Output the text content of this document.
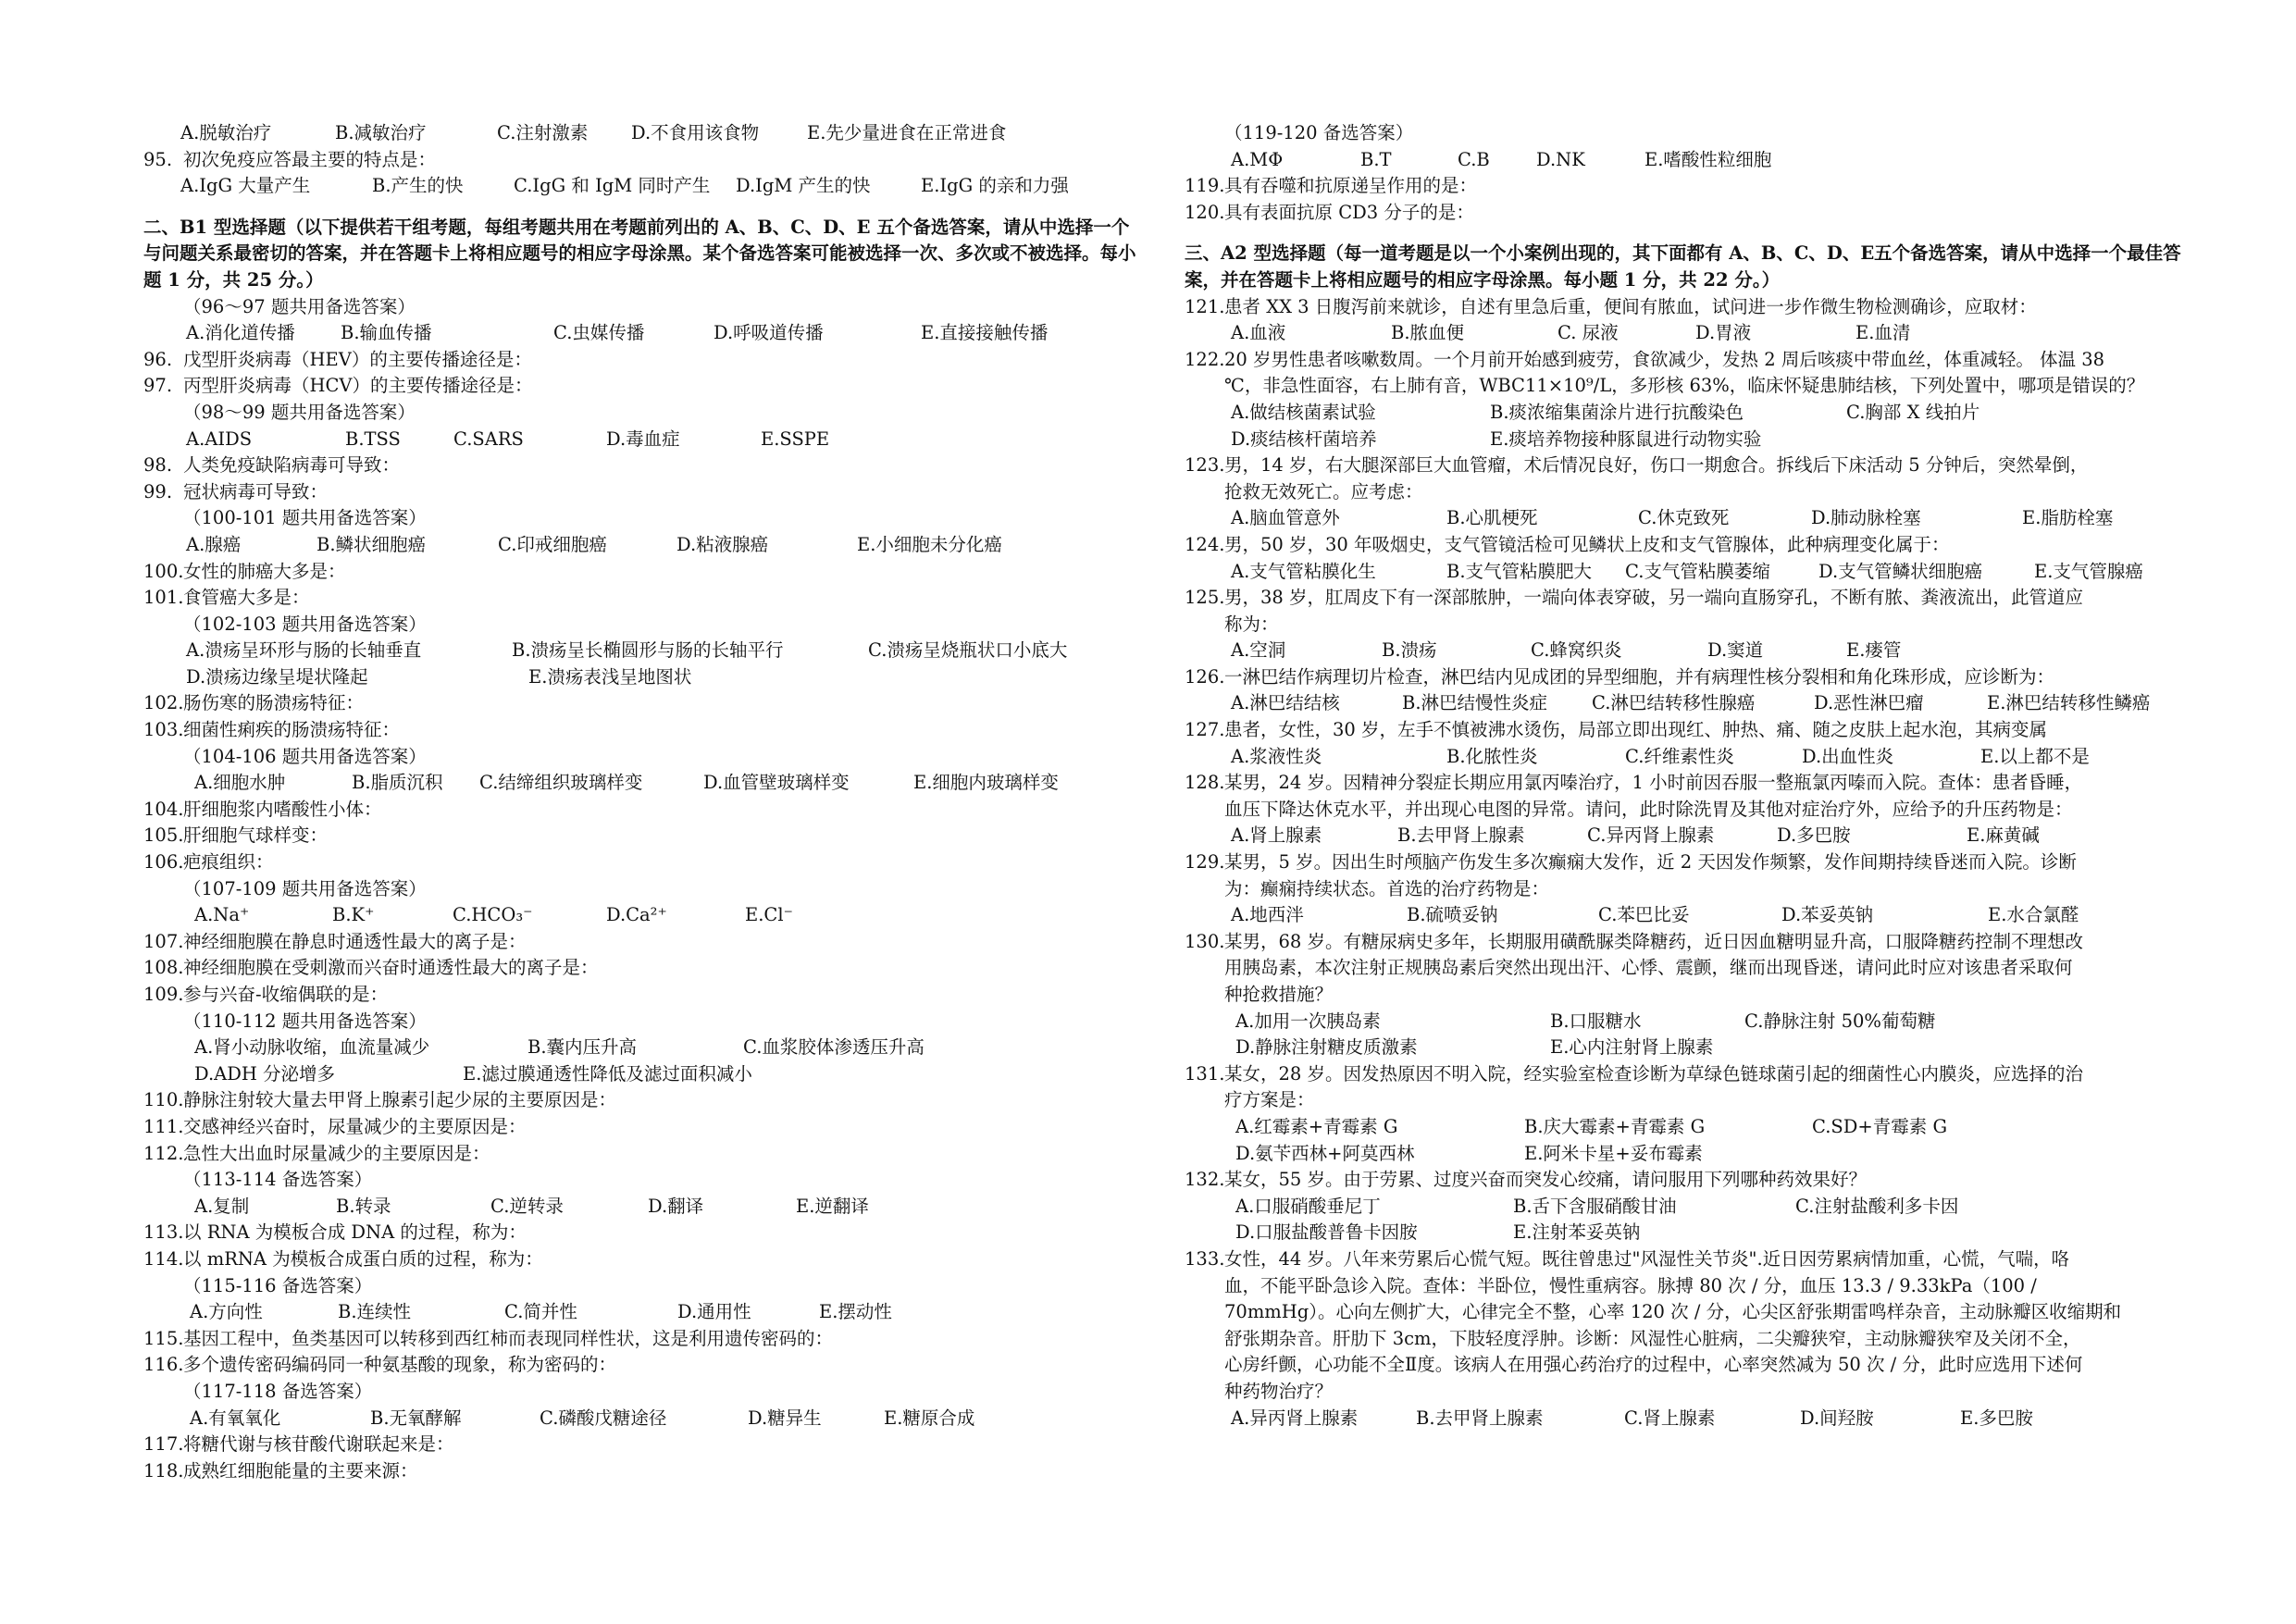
A.脱敏治疗	B.减敏治疗	C.注射激素 D.不食用该食物	E.先少量进食在正常进食
95. 初次免疫应答最主要的特点是：
A.IgG 大量产生	B.产生的快	C.IgG 和 IgM 同时产生 D.IgM 产生的快	E.IgG 的亲和力强
二、B1 型选择题（以下提供若干组考题，每组考题共用在考题前列出的 A、B、C、D、E 五个备选答案，请从中选择一个与问题关系最密切的答案，并在答题卡上将相应题号的相应字母涂黑。某个备选答案可能被选择一次、多次或不被选择。每小题 1 分，共 25 分。）
（96～97 题共用备选答案）
A.消化道传播	B.输血传播	C.虫媒传播	D.呼吸道传播	E.直接接触传播
96. 戊型肝炎病毒（HEV）的主要传播途径是：
97. 丙型肝炎病毒（HCV）的主要传播途径是：
（98～99 题共用备选答案）
A.AIDS	B.TSS	C.SARS	D.毒血症	E.SSPE
98. 人类免疫缺陷病毒可导致：
99. 冠状病毒可导致：
（100-101 题共用备选答案）
A.腺癌	B.鳞状细胞癌	C.印戒细胞癌	D.粘液腺癌	E.小细胞未分化癌
100. 女性的肺癌大多是：
101. 食管癌大多是：
（102-103 题共用备选答案）
A.溃疡呈环形与肠的长轴垂直	B.溃疡呈长椭圆形与肠的长轴平行	C.溃疡呈烧瓶状口小底大
D.溃疡边缘呈堤状隆起	E.溃疡表浅呈地图状
102. 肠伤寒的肠溃疡特征：
103. 细菌性痢疾的肠溃疡特征：
（104-106 题共用备选答案）
A.细胞水肿	B.脂质沉积 C.结缔组织玻璃样变	D.血管壁玻璃样变	E.细胞内玻璃样变
104. 肝细胞浆内嗜酸性小体：
105. 肝细胞气球样变：
106. 疤痕组织：
（107-109 题共用备选答案）
A.Na⁺	B.K⁺	C.HCO₃⁻	D.Ca²⁺	E.Cl⁻
107. 神经细胞膜在静息时通透性最大的离子是：
108. 神经细胞膜在受刺激而兴奋时通透性最大的离子是：
109. 参与兴奋-收缩偶联的是：
（110-112 题共用备选答案）
A.肾小动脉收缩，血流量减少	B.囊内压升高	C.血浆胶体渗透压升高
D.ADH 分泌增多	E.滤过膜通透性降低及滤过面积减小
110. 静脉注射较大量去甲肾上腺素引起少尿的主要原因是：
111. 交感神经兴奋时，尿量减少的主要原因是：
112. 急性大出血时尿量减少的主要原因是：
（113-114 备选答案）
A.复制	B.转录	C.逆转录	D.翻译	E.逆翻译
113. 以 RNA 为模板合成 DNA 的过程，称为：
114. 以 mRNA 为模板合成蛋白质的过程，称为：
（115-116 备选答案）
A.方向性	B.连续性	C.简并性	D.通用性	E.摆动性
115. 基因工程中，鱼类基因可以转移到西红柿而表现同样性状，这是利用遗传密码的：
116. 多个遗传密码编码同一种氨基酸的现象，称为密码的：
（117-118 备选答案）
A.有氧氧化	B.无氧酵解	C.磷酸戊糖途径	D.糖异生	E.糖原合成
117. 将糖代谢与核苷酸代谢联起来是：
118. 成熟红细胞能量的主要来源：
（119-120 备选答案）
A.MΦ	B.T	C.B	D.NK	E.嗜酸性粒细胞
119. 具有吞噬和抗原递呈作用的是：
120. 具有表面抗原 CD3 分子的是：
三、A2 型选择题（每一道考题是以一个小案例出现的，其下面都有 A、B、C、D、E五个备选答案，请从中选择一个最佳答案，并在答题卡上将相应题号的相应字母涂黑。每小题 1 分，共 22 分。）
121. 患者 XX 3 日腹泻前来就诊，自述有里急后重，便间有脓血，试问进一步作微生物检测确诊，应取材：
A.血液	B.脓血便	C. 尿液	D.胃液	E.血清
122. 20 岁男性患者咳嗽数周。一个月前开始感到疲劳，食欲减少，发热 2 周后咳痰中带血丝，体重减轻。 体温 38
℃，非急性面容，右上肺有音，WBC11×10⁹/L，多形核 63%，临床怀疑患肺结核，下列处置中，哪项是错误的？
A.做结核菌素试验	B.痰浓缩集菌涂片进行抗酸染色	C.胸部 X 线拍片
D.痰结核杆菌培养	E.痰培养物接种豚鼠进行动物实验
123. 男，14 岁，右大腿深部巨大血管瘤，术后情况良好，伤口一期愈合。拆线后下床活动 5 分钟后，突然晕倒，
抢救无效死亡。应考虑：
A.脑血管意外	B.心肌梗死	C.休克致死	D.肺动脉栓塞	E.脂肪栓塞
124. 男，50 岁，30 年吸烟史，支气管镜活检可见鳞状上皮和支气管腺体，此种病理变化属于：
A.支气管粘膜化生	B.支气管粘膜肥大 C.支气管粘膜萎缩	D.支气管鳞状细胞癌	E.支气管腺癌
125. 男，38 岁，肛周皮下有一深部脓肿，一端向体表穿破，另一端向直肠穿孔，不断有脓、粪液流出，此管道应
称为：
A.空洞	B.溃疡	C.蜂窝织炎	D.窦道	E.瘘管
126. 一淋巴结作病理切片检查，淋巴结内见成团的异型细胞，并有病理性核分裂相和角化珠形成，应诊断为：
A.淋巴结结核	B.淋巴结慢性炎症 C.淋巴结转移性腺癌	D.恶性淋巴瘤	E.淋巴结转移性鳞癌
127. 患者，女性，30 岁，左手不慎被沸水烫伤，局部立即出现红、肿热、痛、随之皮肤上起水泡，其病变属
A.浆液性炎	B.化脓性炎	C.纤维素性炎	D.出血性炎	E.以上都不是
128. 某男，24 岁。因精神分裂症长期应用氯丙嗪治疗，1 小时前因吞服一整瓶氯丙嗪而入院。查体：患者昏睡，
血压下降达休克水平，并出现心电图的异常。请问，此时除洗胃及其他对症治疗外，应给予的升压药物是：
A.肾上腺素	B.去甲肾上腺素	C.异丙肾上腺素	D.多巴胺	E.麻黄碱
129. 某男，5 岁。因出生时颅脑产伤发生多次癫痫大发作，近 2 天因发作频繁，发作间期持续昏迷而入院。诊断
为：癫痫持续状态。首选的治疗药物是：
A.地西泮	B.硫喷妥钠	C.苯巴比妥	D.苯妥英钠	E.水合氯醛
130. 某男，68 岁。有糖尿病史多年，长期服用磺酰脲类降糖药，近日因血糖明显升高，口服降糖药控制不理想改
用胰岛素，本次注射正规胰岛素后突然出现出汗、心悸、震颤，继而出现昏迷，请问此时应对该患者采取何
种抢救措施？
A.加用一次胰岛素	B.口服糖水	C.静脉注射 50%葡萄糖
D.静脉注射糖皮质激素	E.心内注射肾上腺素
131. 某女，28 岁。因发热原因不明入院，经实验室检查诊断为草绿色链球菌引起的细菌性心内膜炎，应选择的治
疗方案是：
A.红霉素+青霉素 G	B.庆大霉素+青霉素 G	C.SD+青霉素 G
D.氨苄西林+阿莫西林	E.阿米卡星+妥布霉素
132. 某女，55 岁。由于劳累、过度兴奋而突发心绞痛，请问服用下列哪种药效果好？
A.口服硝酸垂尼丁	B.舌下含服硝酸甘油	C.注射盐酸利多卡因
D.口服盐酸普鲁卡因胺	E.注射苯妥英钠
133. 女性，44 岁。八年来劳累后心慌气短。既往曾患过"风湿性关节炎".近日因劳累病情加重，心慌，气喘，咯
血，不能平卧急诊入院。查体：半卧位，慢性重病容。脉搏 80 次 / 分，血压 13.3 / 9.33kPa（100 /
70mmHg）。心向左侧扩大，心律完全不整，心率 120 次 / 分，心尖区舒张期雷鸣样杂音，主动脉瓣区收缩期和
舒张期杂音。肝肋下 3cm，下肢轻度浮肿。诊断：风湿性心脏病，二尖瓣狭窄，主动脉瓣狭窄及关闭不全，
心房纤颤，心功能不全Ⅱ度。该病人在用强心药治疗的过程中，心率突然减为 50 次 / 分，此时应选用下述何
种药物治疗？
A.异丙肾上腺素	B.去甲肾上腺素	C.肾上腺素	D.间羟胺	E.多巴胺
